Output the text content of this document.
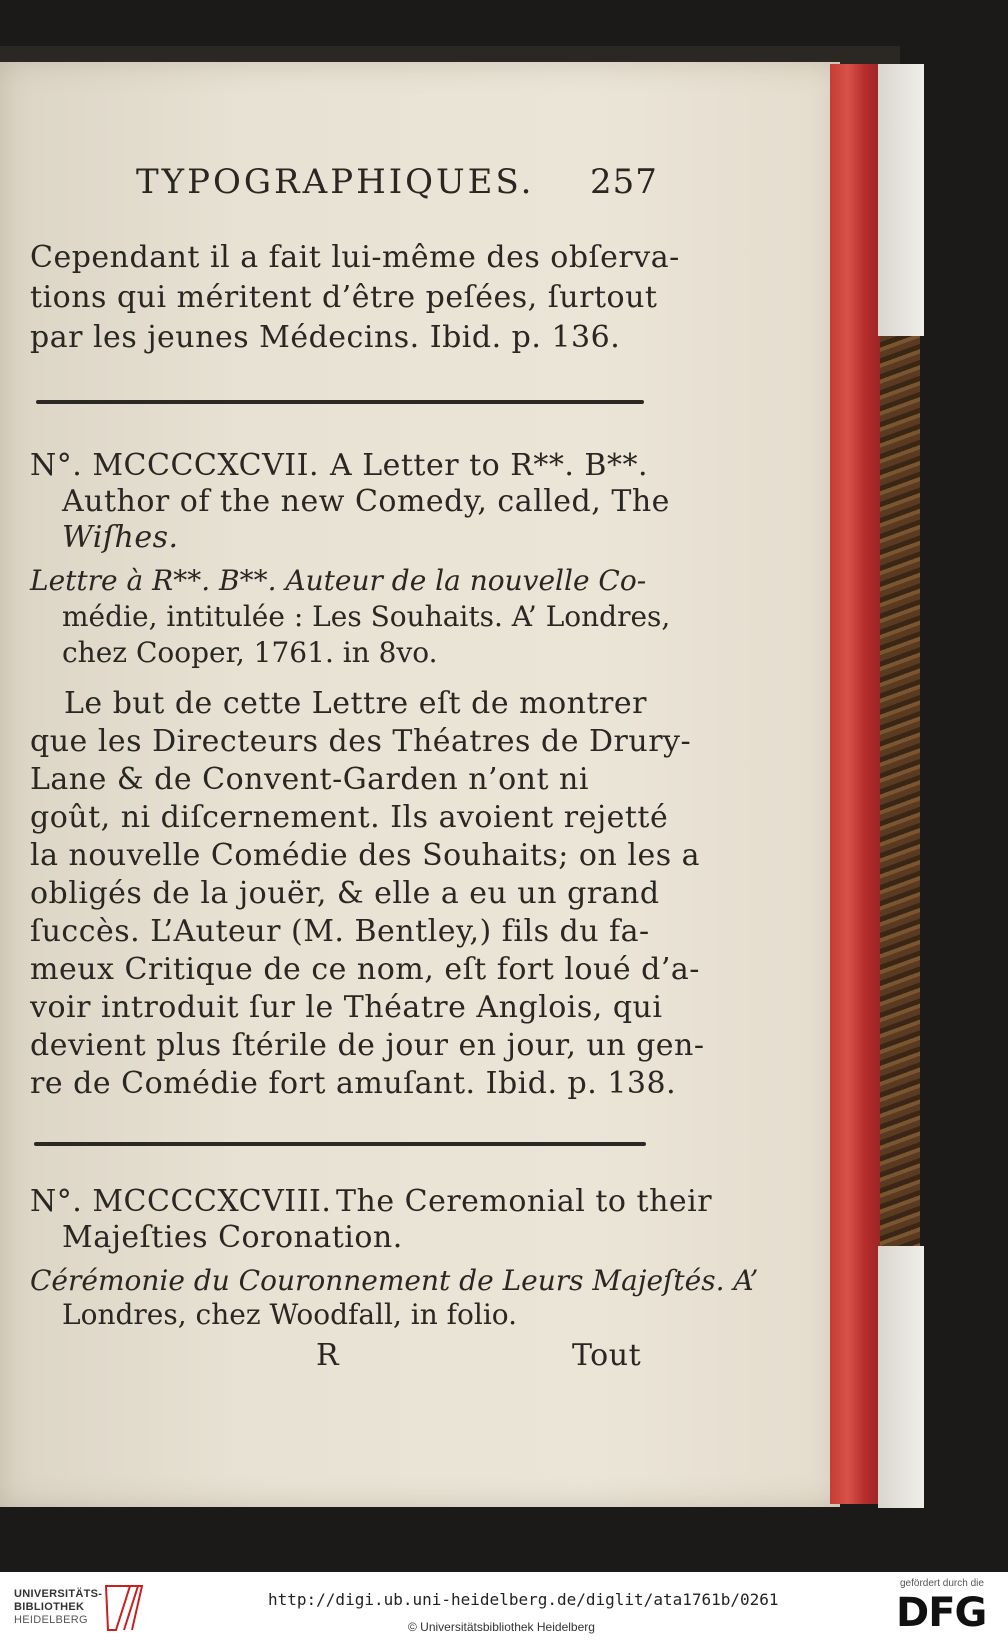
TYPOGRAPHIQUES. 257
Cependant il a fait lui-même des obſerva-
tions qui méritent d’être peſées, ſurtout
par les jeunes Médecins. Ibid. p. 136.
N°. MCCCCXCVII. A Letter to R**. B**.
Author of the new Comedy, called, The
Wiſhes.
Lettre à R**. B**. Auteur de la nouvelle Co-
médie, intitulée : Les Souhaits. A’ Londres,
chez Cooper, 1761. in 8vo.
Le but de cette Lettre eſt de montrer
que les Directeurs des Théatres de Drury-
Lane & de Convent-Garden n’ont ni
goût, ni diſcernement. Ils avoient rejetté
la nouvelle Comédie des Souhaits; on les a
obligés de la jouër, & elle a eu un grand
ſuccès. L’Auteur (M. Bentley,) fils du fa-
meux Critique de ce nom, eſt fort loué d’a-
voir introduit ſur le Théatre Anglois, qui
devient plus ſtérile de jour en jour, un gen-
re de Comédie fort amuſant. Ibid. p. 138.
N°. MCCCCXCVIII. The Ceremonial to their
Majeſties Coronation.
Cérémonie du Couronnement de Leurs Majeſtés. A’
Londres, chez Woodfall, in folio.
R	Tout
UNIVERSITÄTS-
BIBLIOTHEK
HEIDELBERG
http://digi.ub.uni-heidelberg.de/diglit/ata1761b/0261
© Universitätsbibliothek Heidelberg
gefördert durch die
DFG
